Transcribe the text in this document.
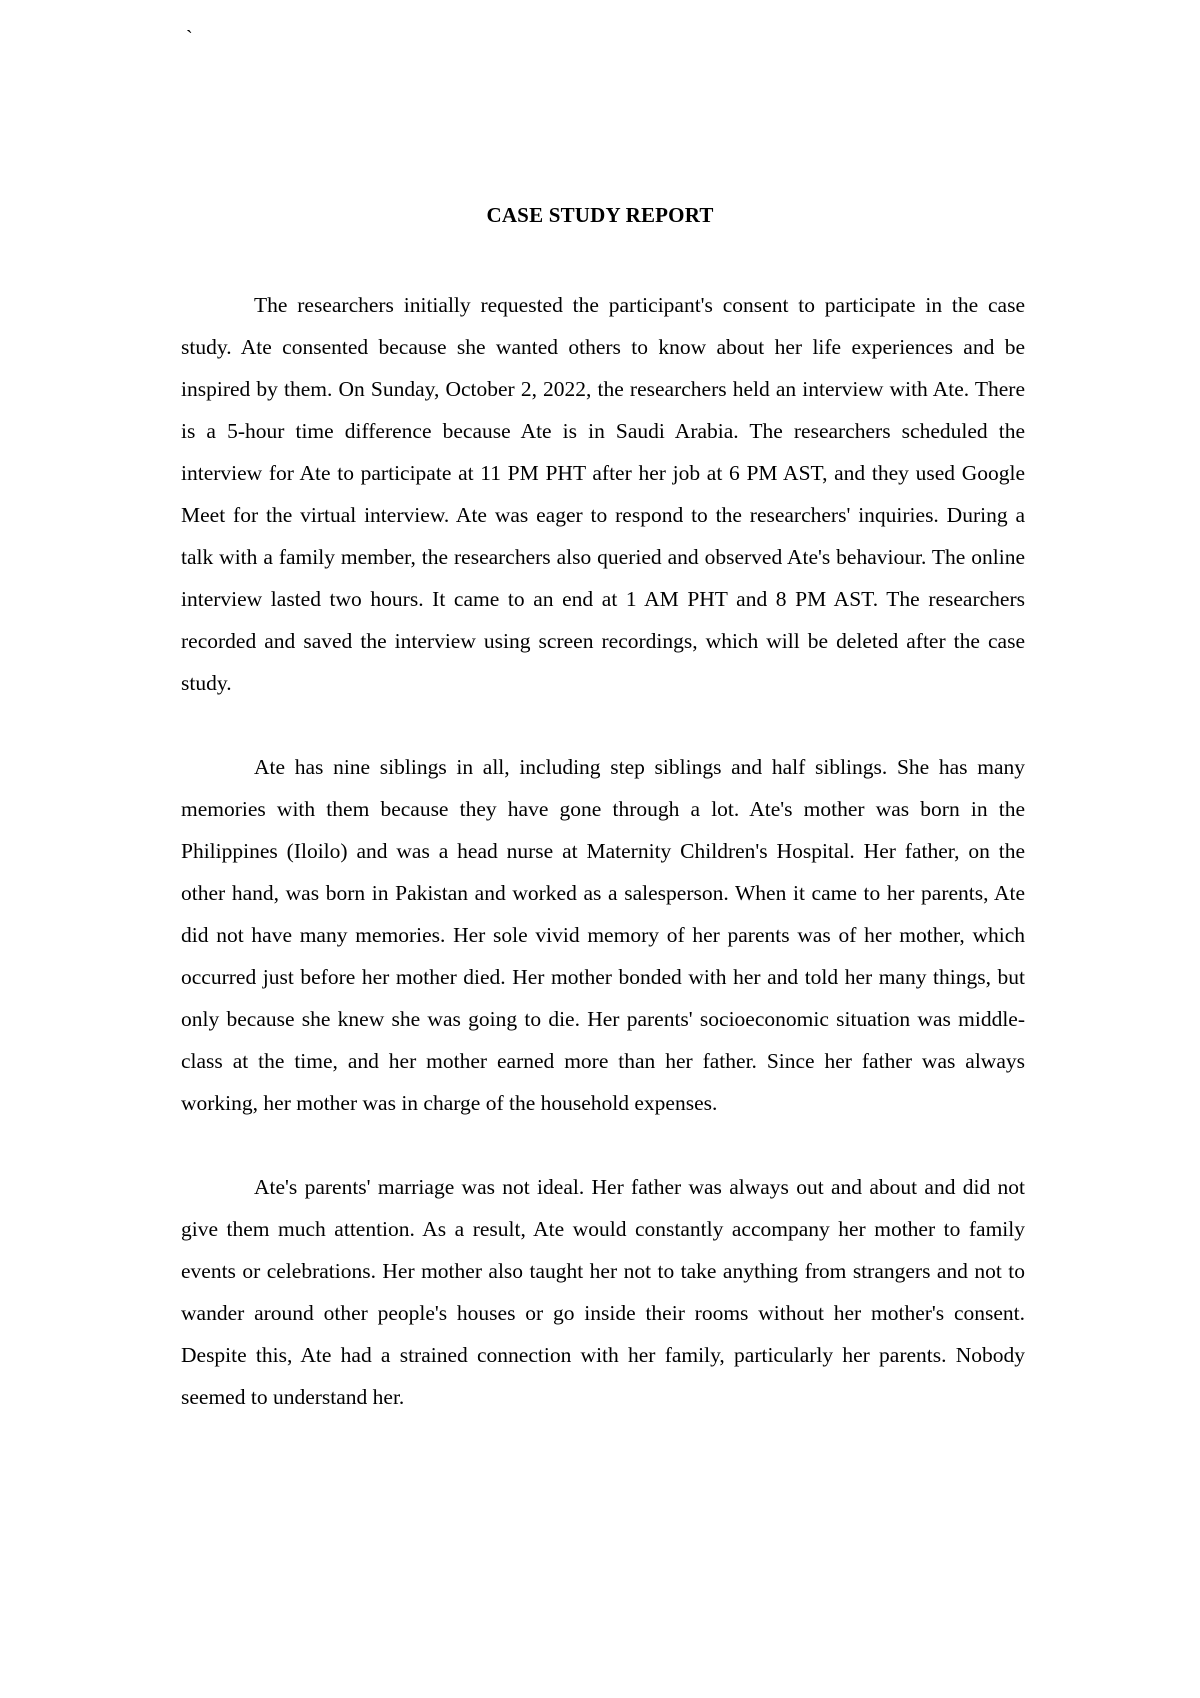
`
CASE STUDY REPORT

The researchers initially requested the participant's consent to participate in the case study. Ate consented because she wanted others to know about her life experiences and be inspired by them. On Sunday, October 2, 2022, the researchers held an interview with Ate. There is a 5-hour time difference because Ate is in Saudi Arabia. The researchers scheduled the interview for Ate to participate at 11 PM PHT after her job at 6 PM AST, and they used Google Meet for the virtual interview. Ate was eager to respond to the researchers' inquiries. During a talk with a family member, the researchers also queried and observed Ate's behaviour. The online interview lasted two hours. It came to an end at 1 AM PHT and 8 PM AST. The researchers recorded and saved the interview using screen recordings, which will be deleted after the case study.

Ate has nine siblings in all, including step siblings and half siblings. She has many memories with them because they have gone through a lot. Ate's mother was born in the Philippines (Iloilo) and was a head nurse at Maternity Children's Hospital. Her father, on the other hand, was born in Pakistan and worked as a salesperson. When it came to her parents, Ate did not have many memories. Her sole vivid memory of her parents was of her mother, which occurred just before her mother died. Her mother bonded with her and told her many things, but only because she knew she was going to die. Her parents' socioeconomic situation was middle-class at the time, and her mother earned more than her father. Since her father was always working, her mother was in charge of the household expenses.

Ate's parents' marriage was not ideal. Her father was always out and about and did not give them much attention. As a result, Ate would constantly accompany her mother to family events or celebrations. Her mother also taught her not to take anything from strangers and not to wander around other people's houses or go inside their rooms without her mother's consent. Despite this, Ate had a strained connection with her family, particularly her parents. Nobody seemed to understand her.
